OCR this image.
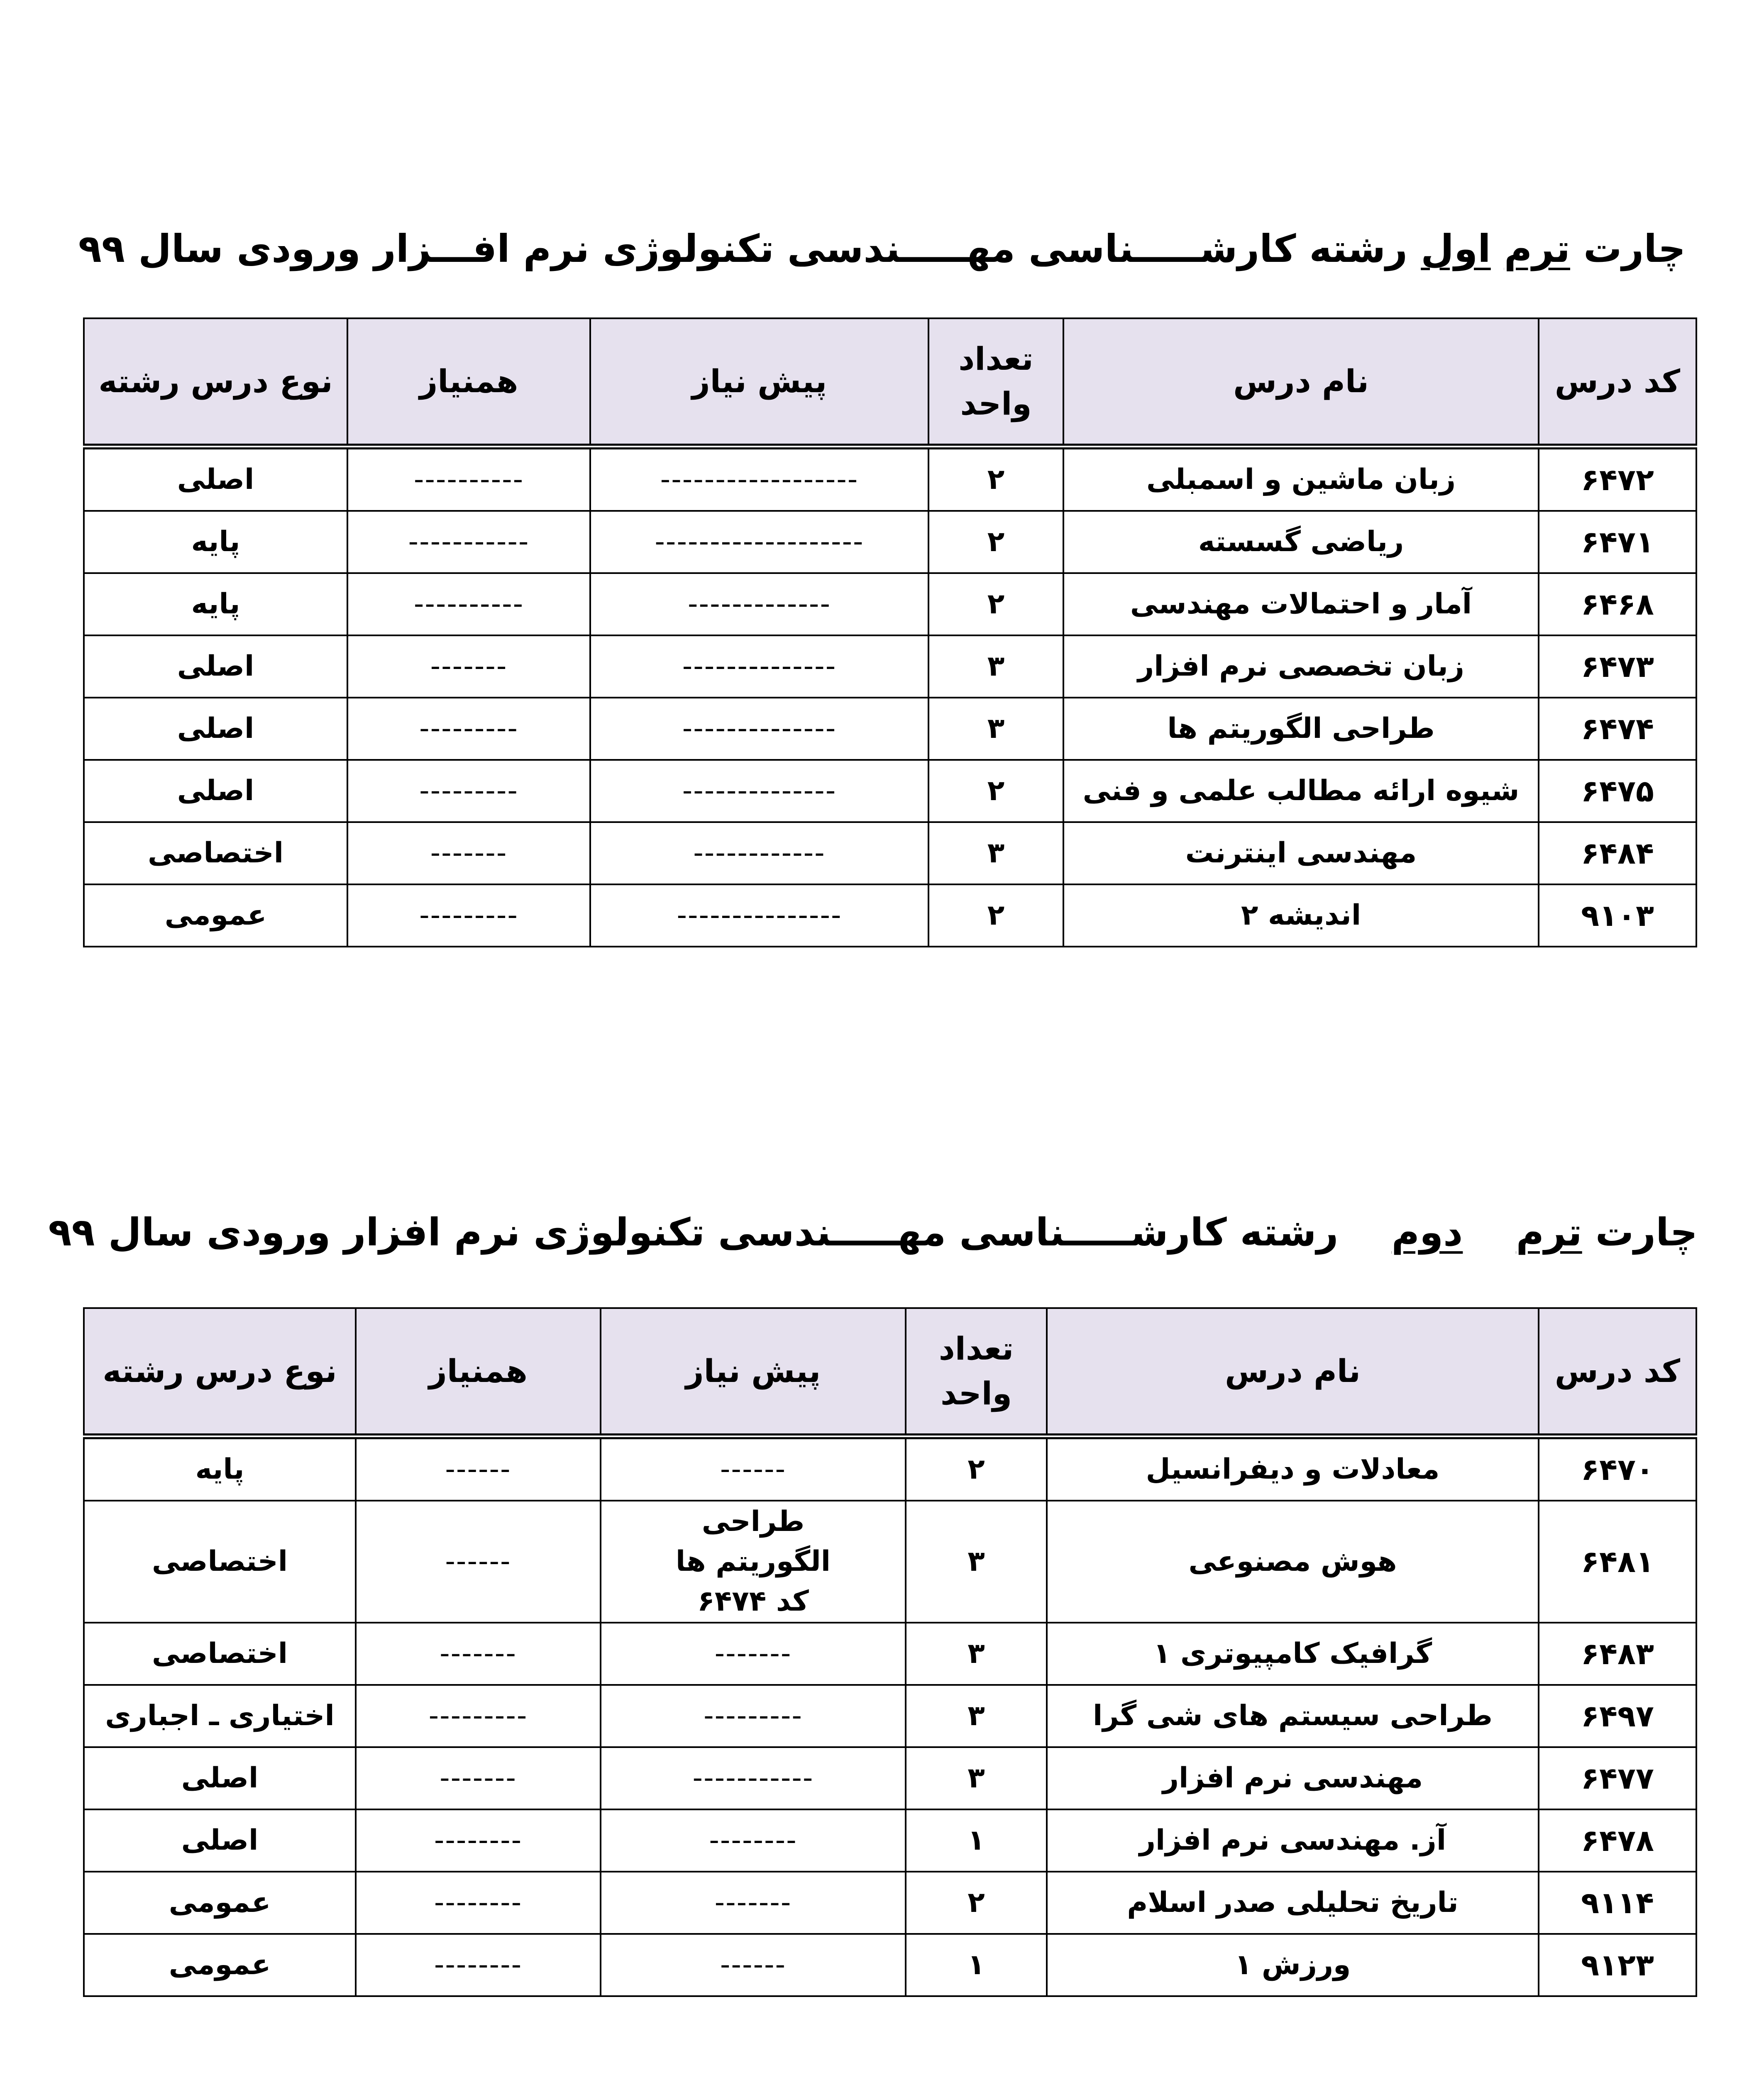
چارت ترم اول رشته کارشـــــناسی مهـــــندسی تکنولوژی نرم افـــزار ورودی سال ۹۹
کد درس	نام درس	تعداد واحد	پیش نیاز	همنیاز	نوع درس رشته
۶۴۷۲	زبان ماشین و اسمبلی	۲	------------------	----------	اصلی
۶۴۷۱	ریاضی گسسته	۲	-------------------	-----------	پایه
۶۴۶۸	آمار و احتمالات مهندسی	۲	-------------	----------	پایه
۶۴۷۳	زبان تخصصی نرم افزار	۳	--------------	-------	اصلی
۶۴۷۴	طراحی الگوریتم ها	۳	--------------	---------	اصلی
۶۴۷۵	شیوه ارائه مطالب علمی و فنی	۲	--------------	---------	اصلی
۶۴۸۴	مهندسی اینترنت	۳	------------	-------	اختصاصی
۹۱۰۳	اندیشه ۲	۲	---------------	---------	عمومی
چارت ترم    دوم    رشته کارشـــــناسی مهـــــندسی تکنولوژی نرم افزار ورودی سال ۹۹
کد درس	نام درس	تعداد واحد	پیش نیاز	همنیاز	نوع درس رشته
۶۴۷۰	معادلات و دیفرانسیل	۲	------	------	پایه
۶۴۸۱	هوش مصنوعی	۳	طراحی الگوریتم ها کد ۶۴۷۴	------	اختصاصی
۶۴۸۳	گرافیک کامپیوتری ۱	۳	-------	-------	اختصاصی
۶۴۹۷	طراحی سیستم های شی گرا	۳	---------	---------	اختیاری ـ اجباری
۶۴۷۷	مهندسی نرم افزار	۳	-----------	-------	اصلی
۶۴۷۸	آز. مهندسی نرم افزار	۱	--------	--------	اصلی
۹۱۱۴	تاریخ تحلیلی صدر اسلام	۲	-------	--------	عمومی
۹۱۲۳	ورزش ۱	۱	------	--------	عمومی
